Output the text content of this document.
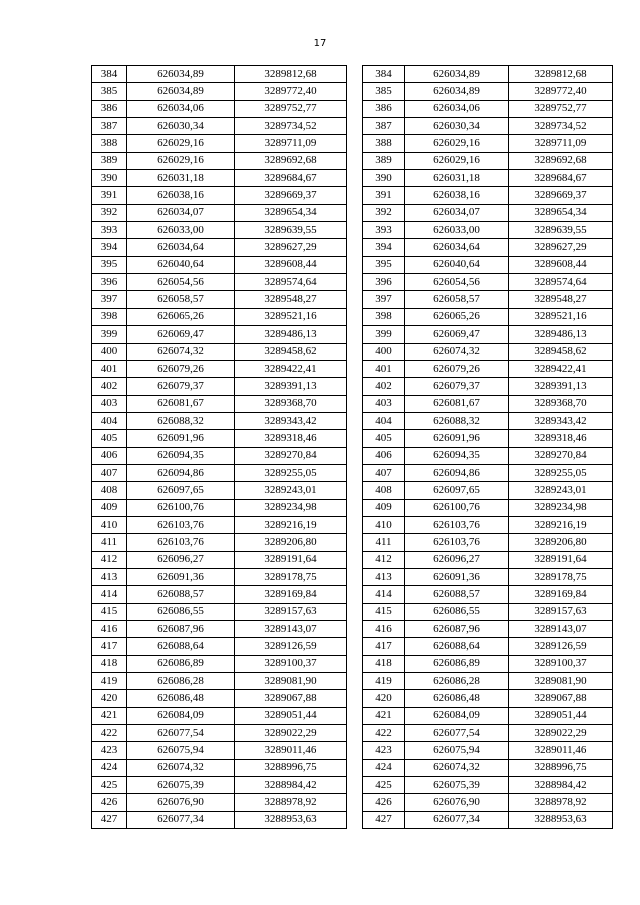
17
384	626034,89	3289812,68
385	626034,89	3289772,40
386	626034,06	3289752,77
387	626030,34	3289734,52
388	626029,16	3289711,09
389	626029,16	3289692,68
390	626031,18	3289684,67
391	626038,16	3289669,37
392	626034,07	3289654,34
393	626033,00	3289639,55
394	626034,64	3289627,29
395	626040,64	3289608,44
396	626054,56	3289574,64
397	626058,57	3289548,27
398	626065,26	3289521,16
399	626069,47	3289486,13
400	626074,32	3289458,62
401	626079,26	3289422,41
402	626079,37	3289391,13
403	626081,67	3289368,70
404	626088,32	3289343,42
405	626091,96	3289318,46
406	626094,35	3289270,84
407	626094,86	3289255,05
408	626097,65	3289243,01
409	626100,76	3289234,98
410	626103,76	3289216,19
411	626103,76	3289206,80
412	626096,27	3289191,64
413	626091,36	3289178,75
414	626088,57	3289169,84
415	626086,55	3289157,63
416	626087,96	3289143,07
417	626088,64	3289126,59
418	626086,89	3289100,37
419	626086,28	3289081,90
420	626086,48	3289067,88
421	626084,09	3289051,44
422	626077,54	3289022,29
423	626075,94	3289011,46
424	626074,32	3288996,75
425	626075,39	3288984,42
426	626076,90	3288978,92
427	626077,34	3288953,63
384	626034,89	3289812,68
385	626034,89	3289772,40
386	626034,06	3289752,77
387	626030,34	3289734,52
388	626029,16	3289711,09
389	626029,16	3289692,68
390	626031,18	3289684,67
391	626038,16	3289669,37
392	626034,07	3289654,34
393	626033,00	3289639,55
394	626034,64	3289627,29
395	626040,64	3289608,44
396	626054,56	3289574,64
397	626058,57	3289548,27
398	626065,26	3289521,16
399	626069,47	3289486,13
400	626074,32	3289458,62
401	626079,26	3289422,41
402	626079,37	3289391,13
403	626081,67	3289368,70
404	626088,32	3289343,42
405	626091,96	3289318,46
406	626094,35	3289270,84
407	626094,86	3289255,05
408	626097,65	3289243,01
409	626100,76	3289234,98
410	626103,76	3289216,19
411	626103,76	3289206,80
412	626096,27	3289191,64
413	626091,36	3289178,75
414	626088,57	3289169,84
415	626086,55	3289157,63
416	626087,96	3289143,07
417	626088,64	3289126,59
418	626086,89	3289100,37
419	626086,28	3289081,90
420	626086,48	3289067,88
421	626084,09	3289051,44
422	626077,54	3289022,29
423	626075,94	3289011,46
424	626074,32	3288996,75
425	626075,39	3288984,42
426	626076,90	3288978,92
427	626077,34	3288953,63
